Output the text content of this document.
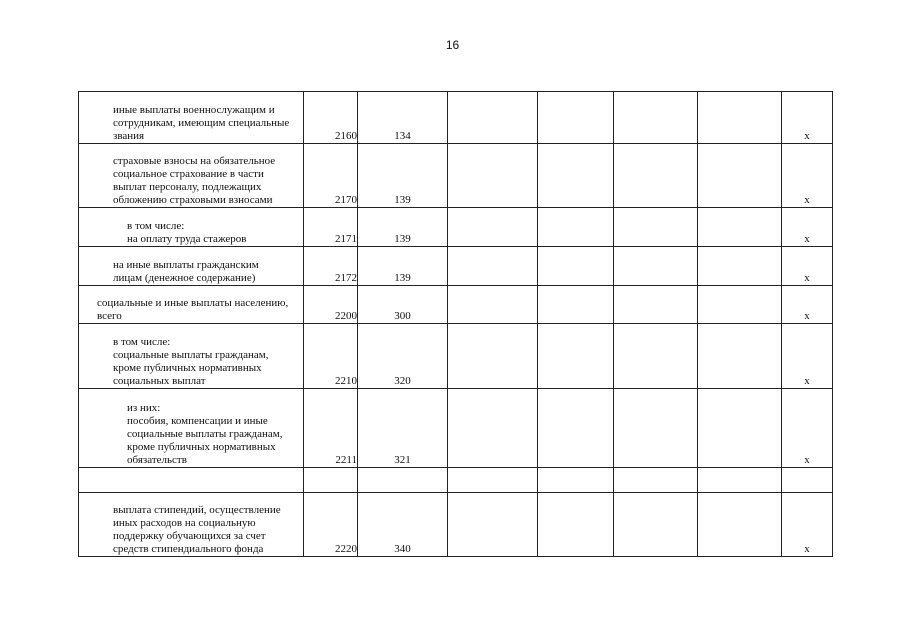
16
иные выплаты военнослужащим и
сотрудникам, имеющим специальные
звания	2160	134					x
страховые взносы на обязательное
социальное страхование в части
выплат персоналу, подлежащих
обложению страховыми взносами	2170	139					x
в том числе:
на оплату труда стажеров	2171	139					x
на иные выплаты гражданским
лицам (денежное содержание)	2172	139					x
социальные и иные выплаты населению,
всего	2200	300					x
в том числе:
социальные выплаты гражданам,
кроме публичных нормативных
социальных выплат	2210	320					x
из них:
пособия, компенсации и иные
социальные выплаты гражданам,
кроме публичных нормативных
обязательств	2211	321					x

выплата стипендий, осуществление
иных расходов на социальную
поддержку обучающихся за счет
средств стипендиального фонда	2220	340					x
